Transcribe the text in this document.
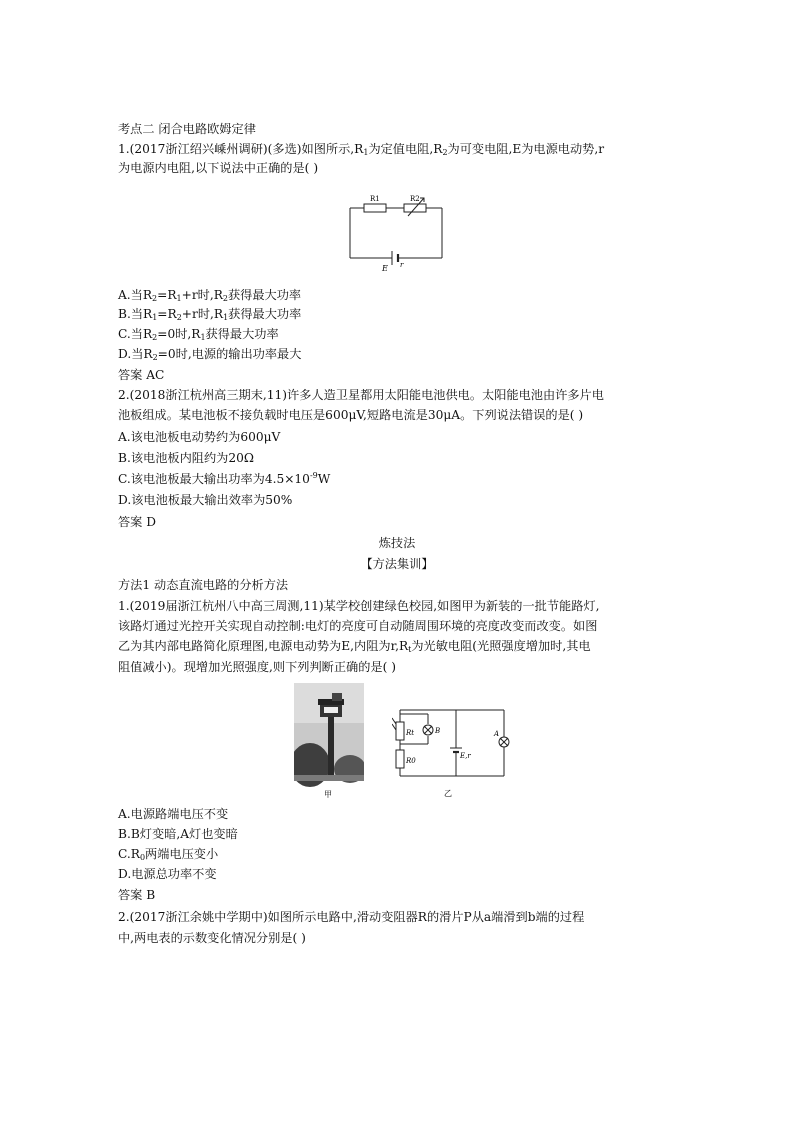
考点二 闭合电路欧姆定律
1.(2017浙江绍兴嵊州调研)(多选)如图所示$,R_1$为定值电阻$,R_2$为可变电阻,E为电源电动势,r
为电源内电阻,以下说法中正确的是( )
R1	R2
E r
A.当$R_2=R_1+r$时$,R_2$获得最大功率
B.当$R_1=R_2+r$时$,R_1$获得最大功率
C.当$R_2=0$时$,R_1$获得最大功率
D.当$R_2=0$时,电源的输出功率最大
答案 AC
2.(2018浙江杭州高三期末,11)许多人造卫星都用太阳能电池供电。太阳能电池由许多片电
池板组成。某电池板不接负载时电压是600μV,短路电流是30μA。下列说法错误的是( )
A.该电池板电动势约为600μV
B.该电池板内阻约为20Ω
C.该电池板最大输出功率为$4.5\times 10^{-9}W$
D.该电池板最大输出效率为50%
答案 D
炼技法
【方法集训】
方法1 动态直流电路的分析方法
1.(2019届浙江杭州八中高三周测,11)某学校创建绿色校园,如图甲为新装的一批节能路灯,
该路灯通过光控开关实现自动控制:电灯的亮度可自动随周围环境的亮度改变而改变。如图
乙为其内部电路简化原理图,电源电动势为E,内阻为$r,R_t$为光敏电阻(光照强度增加时,其电
阻值减小)。现增加光照强度,则下列判断正确的是( )
甲
Rt
R0
B	A
E,r
乙
A.电源路端电压不变
B.B灯变暗,A灯也变暗
$C.R_0$两端电压变小
D.电源总功率不变
答案 B
2.(2017浙江余姚中学期中)如图所示电路中,滑动变阻器R的滑片P从a端滑到b端的过程
中,两电表的示数变化情况分别是( )
